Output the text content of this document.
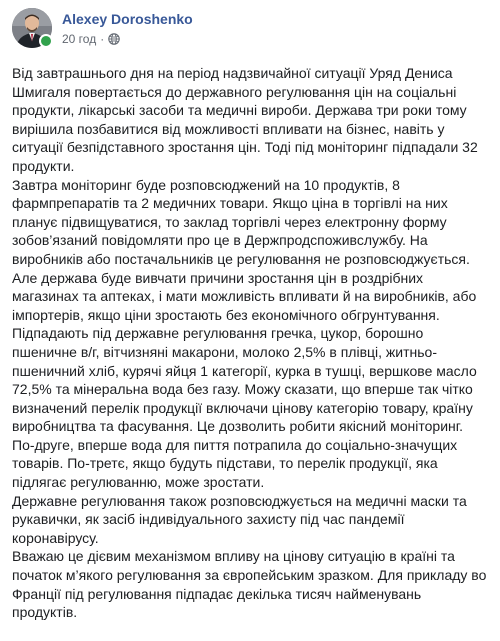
Alexey Doroshenko
20 год ·

Від завтрашнього дня на період надзвичайної ситуації Уряд Дениса Шмигаля повертається до державного регулювання цін на соціальні продукти, лікарські засоби та медичні вироби. Держава три роки тому вирішила позбавитися від можливості впливати на бізнес, навіть у ситуації безпідставного зростання цін. Тоді під моніторинг підпадали 32 продукти.

Завтра моніторинг буде розповсюджений на 10 продуктів, 8 фармпрепаратів та 2 медичних товари. Якщо ціна в торгівлі на них планує підвищуватися, то заклад торгівлі через електронну форму зобов’язаний повідомляти про це в Держпродспоживслужбу. На виробників або постачальників це регулювання не розповсюджується.

Але держава буде вивчати причини зростання цін в роздрібних магазинах та аптеках, і мати можливість впливати й на виробників, або імпортерів, якщо ціни зростають без економічного обгрунтування.

Підпадають під державне регулювання гречка, цукор, борошно пшеничне в/г, вітчизняні макарони, молоко 2,5% в плівці, житньо-пшеничний хліб, курячі яйця 1 категорії, курка в тушці, вершкове масло 72,5% та мінеральна вода без газу. Можу сказати, що вперше так чітко визначений перелік продукції включачи цінову категорію товару, країну виробництва та фасування. Це дозволить робити якісний моніторинг.

По-друге, вперше вода для пиття потрапила до соціально-значущих товарів. По-третє, якщо будуть підстави, то перелік продукції, яка підлягає регулюванню, може зростати.

Державне регулювання також розповсюджується на медичні маски та рукавички, як засіб індивідуального захисту під час пандемії коронавірусу.

Вважаю це дієвим механізмом впливу на цінову ситуацію в країні та початок м’якого регулювання за європейським зразком. Для прикладу во Франції під регулювання підпадає декілька тисяч найменувань продуктів.
